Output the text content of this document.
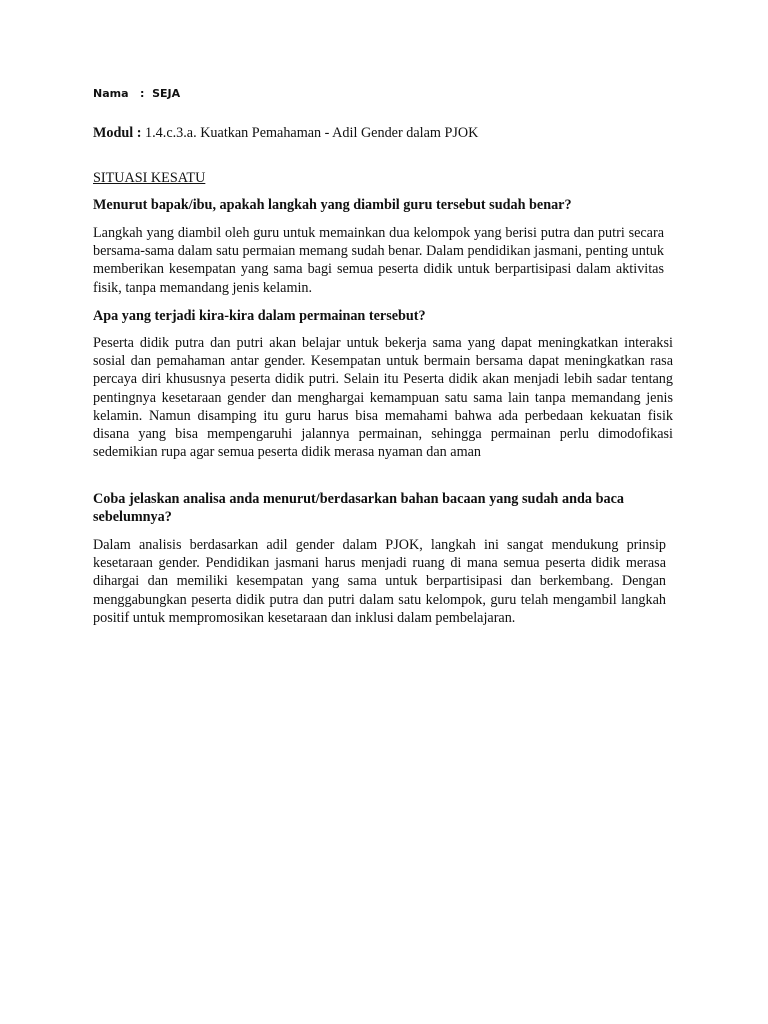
Nama : SEJA

Modul : 1.4.c.3.a. Kuatkan Pemahaman - Adil Gender dalam PJOK

SITUASI KESATU

Menurut bapak/ibu, apakah langkah yang diambil guru tersebut sudah benar?

Langkah yang diambil oleh guru untuk memainkan dua kelompok yang berisi putra dan putri secara bersama-sama dalam satu permaian memang sudah benar. Dalam pendidikan jasmani, penting untuk memberikan kesempatan yang sama bagi semua peserta didik untuk berpartisipasi dalam aktivitas fisik, tanpa memandang jenis kelamin.

Apa yang terjadi kira-kira dalam permainan tersebut?

Peserta didik putra dan putri akan belajar untuk bekerja sama yang dapat meningkatkan interaksi sosial dan pemahaman antar gender. Kesempatan untuk bermain bersama dapat meningkatkan rasa percaya diri khususnya peserta didik putri. Selain itu Peserta didik akan menjadi lebih sadar tentang pentingnya kesetaraan gender dan menghargai kemampuan satu sama lain tanpa memandang jenis kelamin. Namun disamping itu guru harus bisa memahami bahwa ada perbedaan kekuatan fisik disana yang bisa mempengaruhi jalannya permainan, sehingga permainan perlu dimodofikasi sedemikian rupa agar semua peserta didik merasa nyaman dan aman

Coba jelaskan analisa anda menurut/berdasarkan bahan bacaan yang sudah anda baca sebelumnya?

Dalam analisis berdasarkan adil gender dalam PJOK, langkah ini sangat mendukung prinsip kesetaraan gender. Pendidikan jasmani harus menjadi ruang di mana semua peserta didik merasa dihargai dan memiliki kesempatan yang sama untuk berpartisipasi dan berkembang. Dengan menggabungkan peserta didik putra dan putri dalam satu kelompok, guru telah mengambil langkah positif untuk mempromosikan kesetaraan dan inklusi dalam pembelajaran.
